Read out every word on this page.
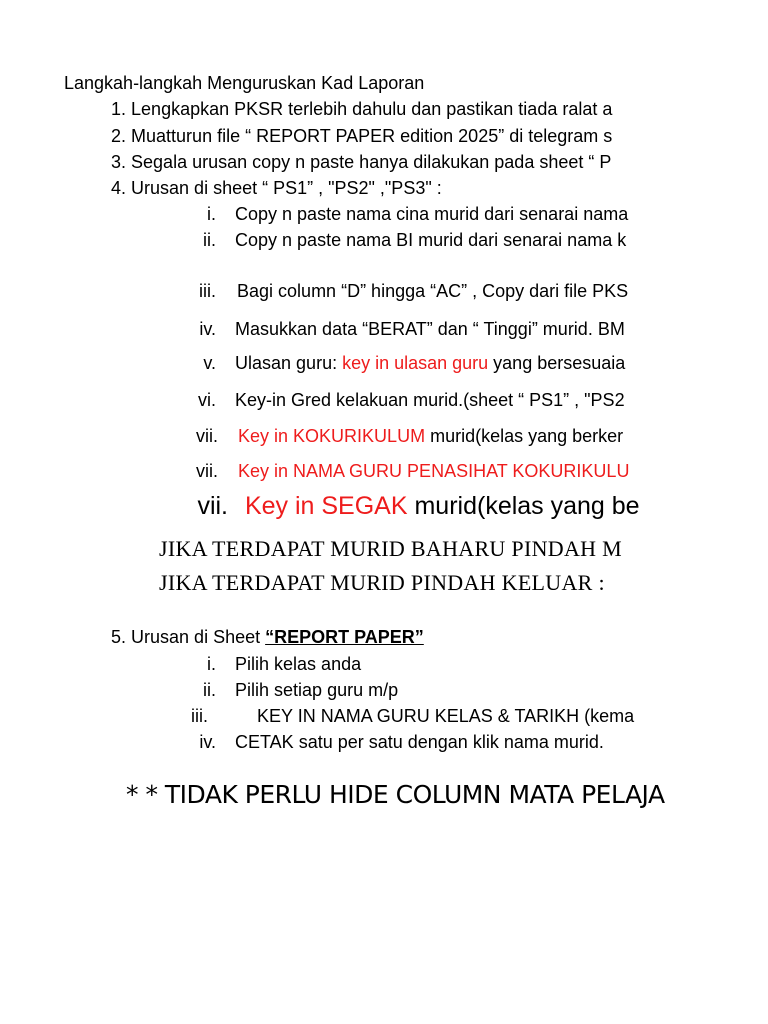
Langkah-langkah Menguruskan Kad Laporan
1. Lengkapkan PKSR terlebih dahulu dan pastikan tiada ralat a
2. Muatturun file “ REPORT PAPER edition 2025” di telegram s
3. Segala urusan copy n paste hanya dilakukan pada sheet “ P
4. Urusan di sheet “ PS1” , "PS2" ,"PS3" :
i. Copy n paste nama cina murid dari senarai nama
ii. Copy n paste nama BI murid dari senarai nama k
iii. Bagi column “D” hingga “AC” , Copy dari file PKS
iv. Masukkan data “BERAT” dan “ Tinggi” murid. BM
v. Ulasan guru: key in ulasan guru yang bersesuaia
vi. Key-in Gred kelakuan murid.(sheet “ PS1” , "PS2
vii. Key in KOKURIKULUM murid(kelas yang berker
vii. Key in NAMA GURU PENASIHAT KOKURIKULU
vii. Key in SEGAK murid(kelas yang be
JIKA TERDAPAT MURID BAHARU PINDAH M
JIKA TERDAPAT MURID PINDAH KELUAR :
5. Urusan di Sheet “REPORT PAPER”
i. Pilih kelas anda
ii. Pilih setiap guru m/p
iii.	KEY IN NAMA GURU KELAS & TARIKH (kema
iv. CETAK satu per satu dengan klik nama murid.
* * TIDAK PERLU HIDE COLUMN MATA PELAJA
